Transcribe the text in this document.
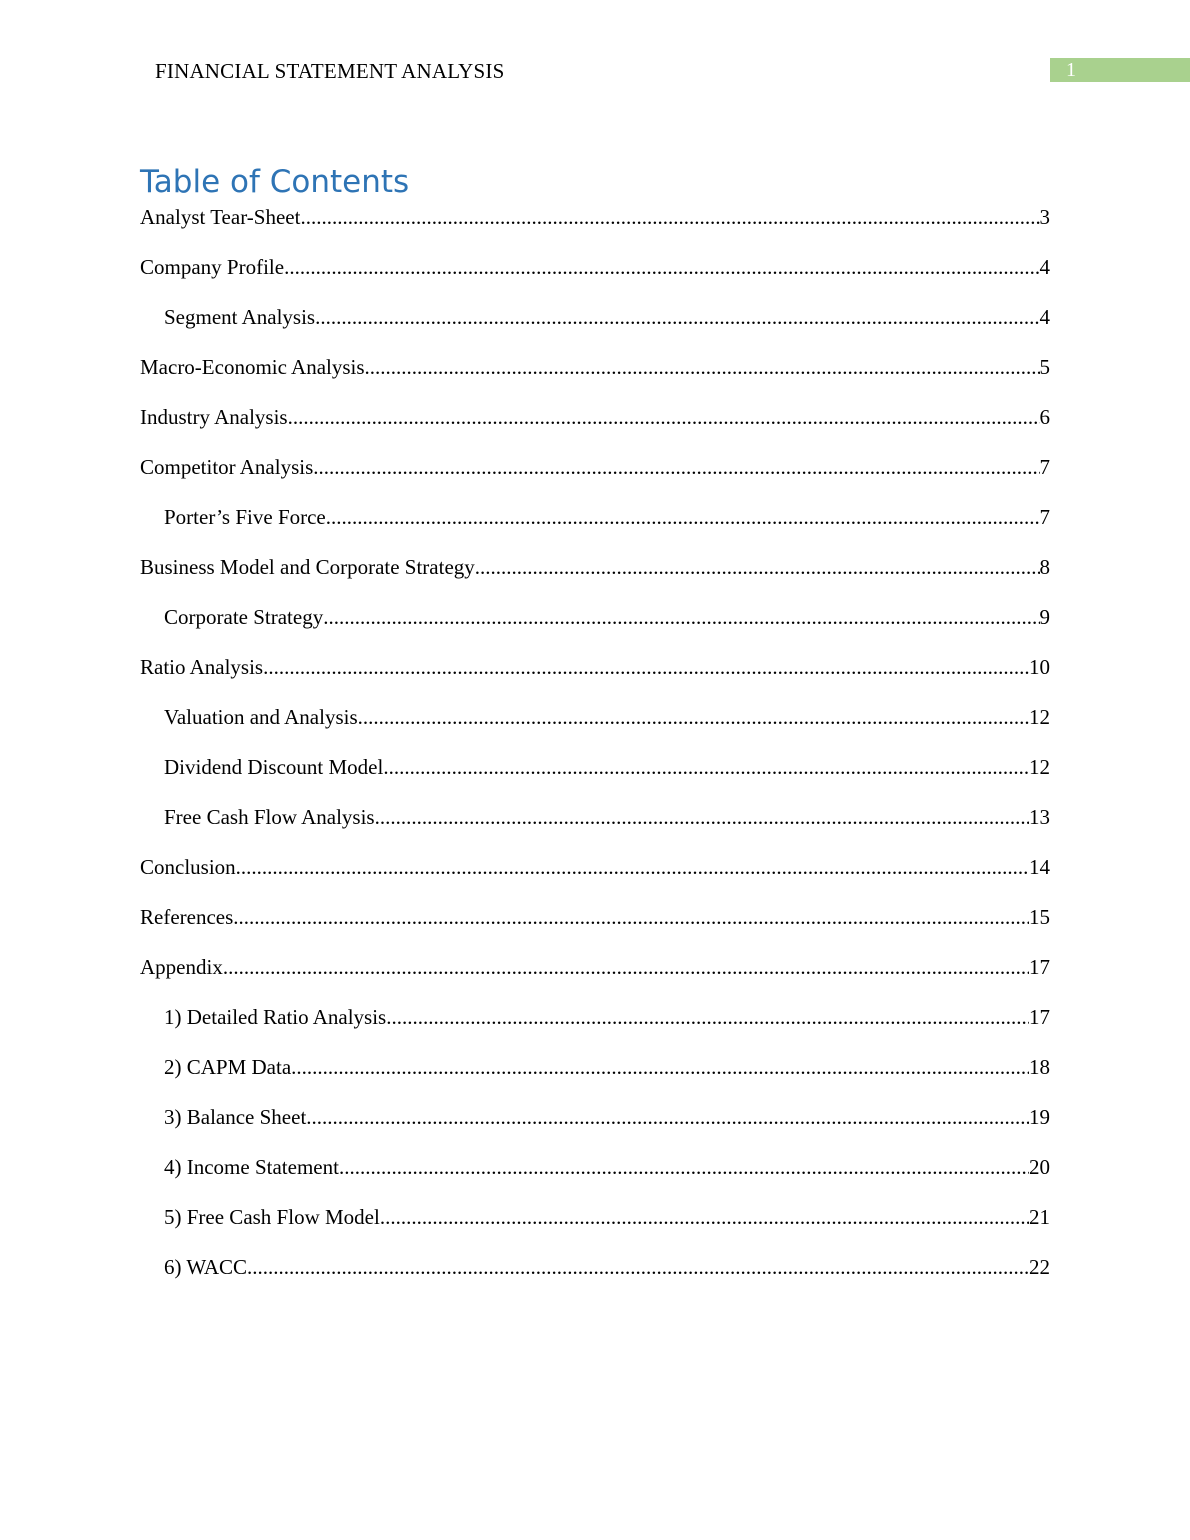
FINANCIAL STATEMENT ANALYSIS	1
Table of Contents
Analyst Tear-Sheet .....	3
Company Profile .....	4
Segment Analysis .....	4
Macro-Economic Analysis .....	5
Industry Analysis .....	6
Competitor Analysis .....	7
Porter’s Five Force .....	7
Business Model and Corporate Strategy .....	8
Corporate Strategy .....	9
Ratio Analysis .....	10
Valuation and Analysis .....	12
Dividend Discount Model .....	12
Free Cash Flow Analysis .....	13
Conclusion .....	14
References .....	15
Appendix .....	17
1) Detailed Ratio Analysis .....	17
2) CAPM Data .....	18
3) Balance Sheet .....	19
4) Income Statement .....	20
5) Free Cash Flow Model .....	21
6) WACC .....	22
